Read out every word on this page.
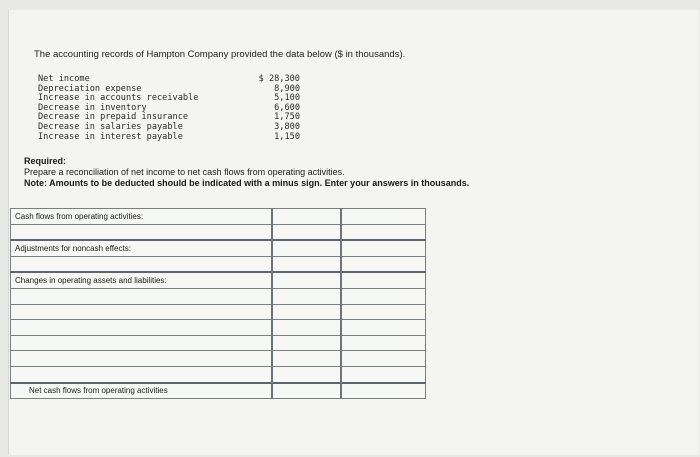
The accounting records of Hampton Company provided the data below ($ in thousands).
Net income	$ 28,300
Depreciation expense	8,900
Increase in accounts receivable	5,100
Decrease in inventory	6,600
Decrease in prepaid insurance	1,750
Decrease in salaries payable	3,800
Increase in interest payable	1,150
Required:
Prepare a reconciliation of net income to net cash flows from operating activities.
Note: Amounts to be deducted should be indicated with a minus sign. Enter your answers in thousands.
Cash flows from operating activities:		

Adjustments for noncash effects:		

Changes in operating assets and liabilities:		

Net cash flows from operating activities		
